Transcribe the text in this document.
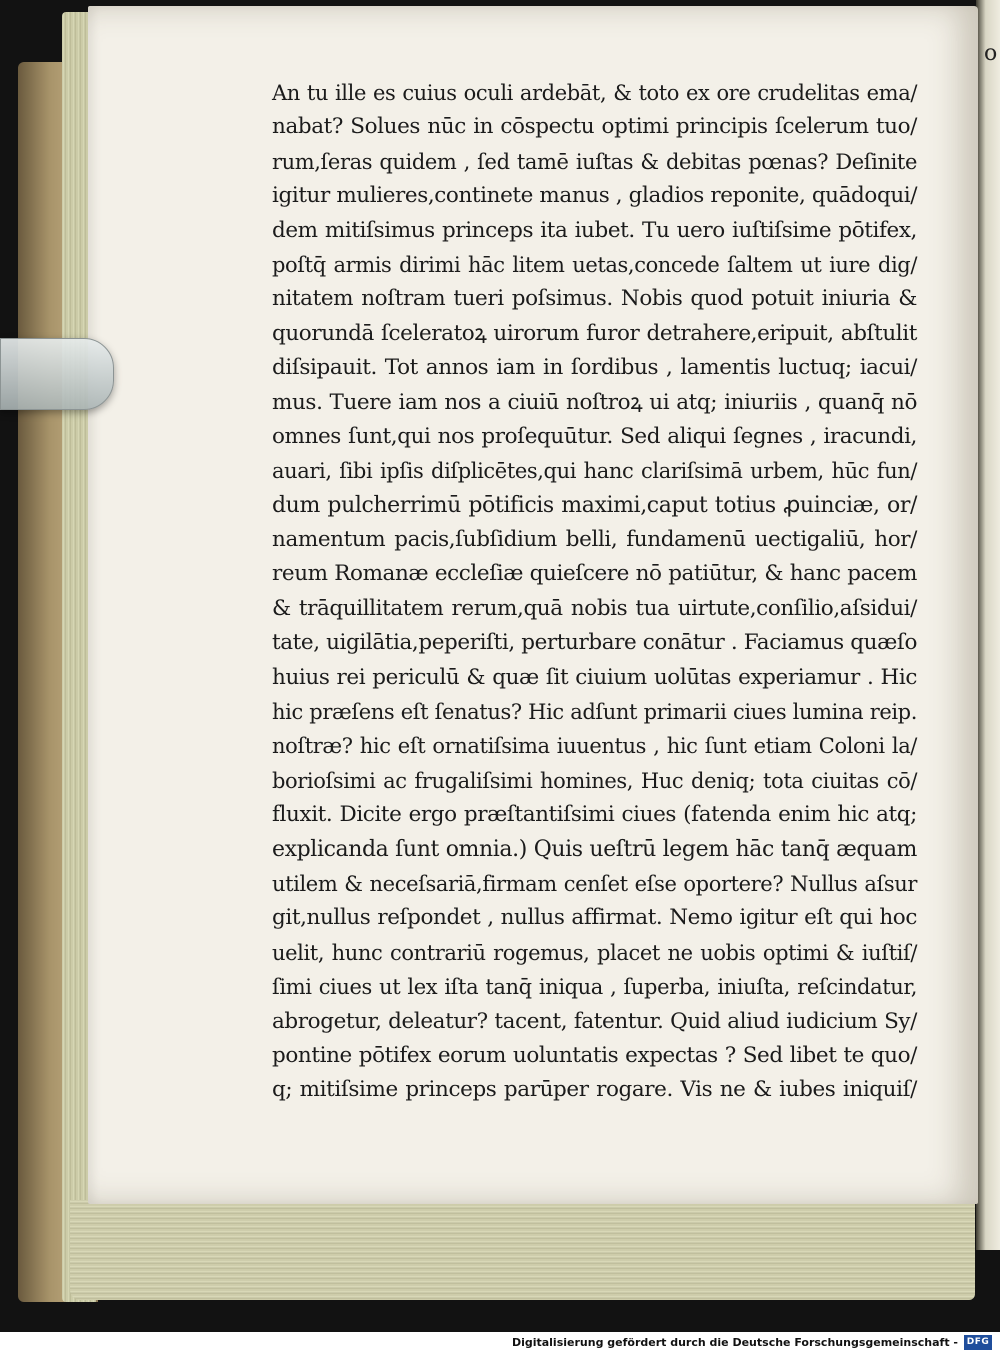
o
An tu ille es cuius oculi ardebāt, & toto ex ore crudelitas ema/
nabat? Solues nūc in cōspectu optimi principis ſcelerum tuo/
rum,ſeras quidem , ſed tamē iuſtas & debitas pœnas? Deſinite
igitur mulieres,continete manus , gladios reponite, quādoqui/
dem mitiſsimus princeps ita iubet. Tu uero iuſtiſsime pōtifex,
poſtq̄ armis dirimi hāc litem uetas,concede ſaltem ut iure dig/
nitatem noſtram tueri poſsimus. Nobis quod potuit iniuria &
quorundā ſceleratoꝝ uirorum furor detrahere,eripuit, abſtulit
diſsipauit. Tot annos iam in ſordibus , lamentis luctuq; iacui/
mus. Tuere iam nos a ciuiū noſtroꝝ ui atq; iniuriis , quanq̄ nō
omnes ſunt,qui nos proſequūtur. Sed aliqui ſegnes , iracundi,
auari, ſibi ipſis diſplicētes,qui hanc clariſsimā urbem, hūc fun/
dum pulcherrimū pōtificis maximi,caput totius ꝓuinciæ, or/
namentum pacis,ſubſidium belli, fundamenū uectigaliū, hor/
reum Romanæ eccleſiæ quieſcere nō patiūtur, & hanc pacem
& trāquillitatem rerum,quā nobis tua uirtute,conſilio,aſsidui/
tate, uigilātia,peperiſti, perturbare conātur . Faciamus quæſo
huius rei periculū & quæ ſit ciuium uolūtas experiamur . Hic
hic præſens eſt ſenatus? Hic adſunt primarii ciues lumina reip.
noſtræ? hic eſt ornatiſsima iuuentus , hic ſunt etiam Coloni la/
borioſsimi ac frugaliſsimi homines, Huc deniq; tota ciuitas cō/
fluxit. Dicite ergo præſtantiſsimi ciues (fatenda enim hic atq;
explicanda ſunt omnia.) Quis ueſtrū legem hāc tanq̄ æquam
utilem & neceſsariā,firmam cenſet eſse oportere? Nullus aſsur
git,nullus reſpondet , nullus affirmat. Nemo igitur eſt qui hoc
uelit, hunc contrariū rogemus, placet ne uobis optimi & iuſtiſ/
ſimi ciues ut lex iſta tanq̄ iniqua , ſuperba, iniuſta, reſcindatur,
abrogetur, deleatur? tacent, fatentur. Quid aliud iudicium Sy/
pontine pōtifex eorum uoluntatis expectas ? Sed libet te quo/
q; mitiſsime princeps parūper rogare. Vis ne & iubes iniquiſ/
Digitalisierung gefördert durch die Deutsche Forschungsgemeinschaft - DFG
